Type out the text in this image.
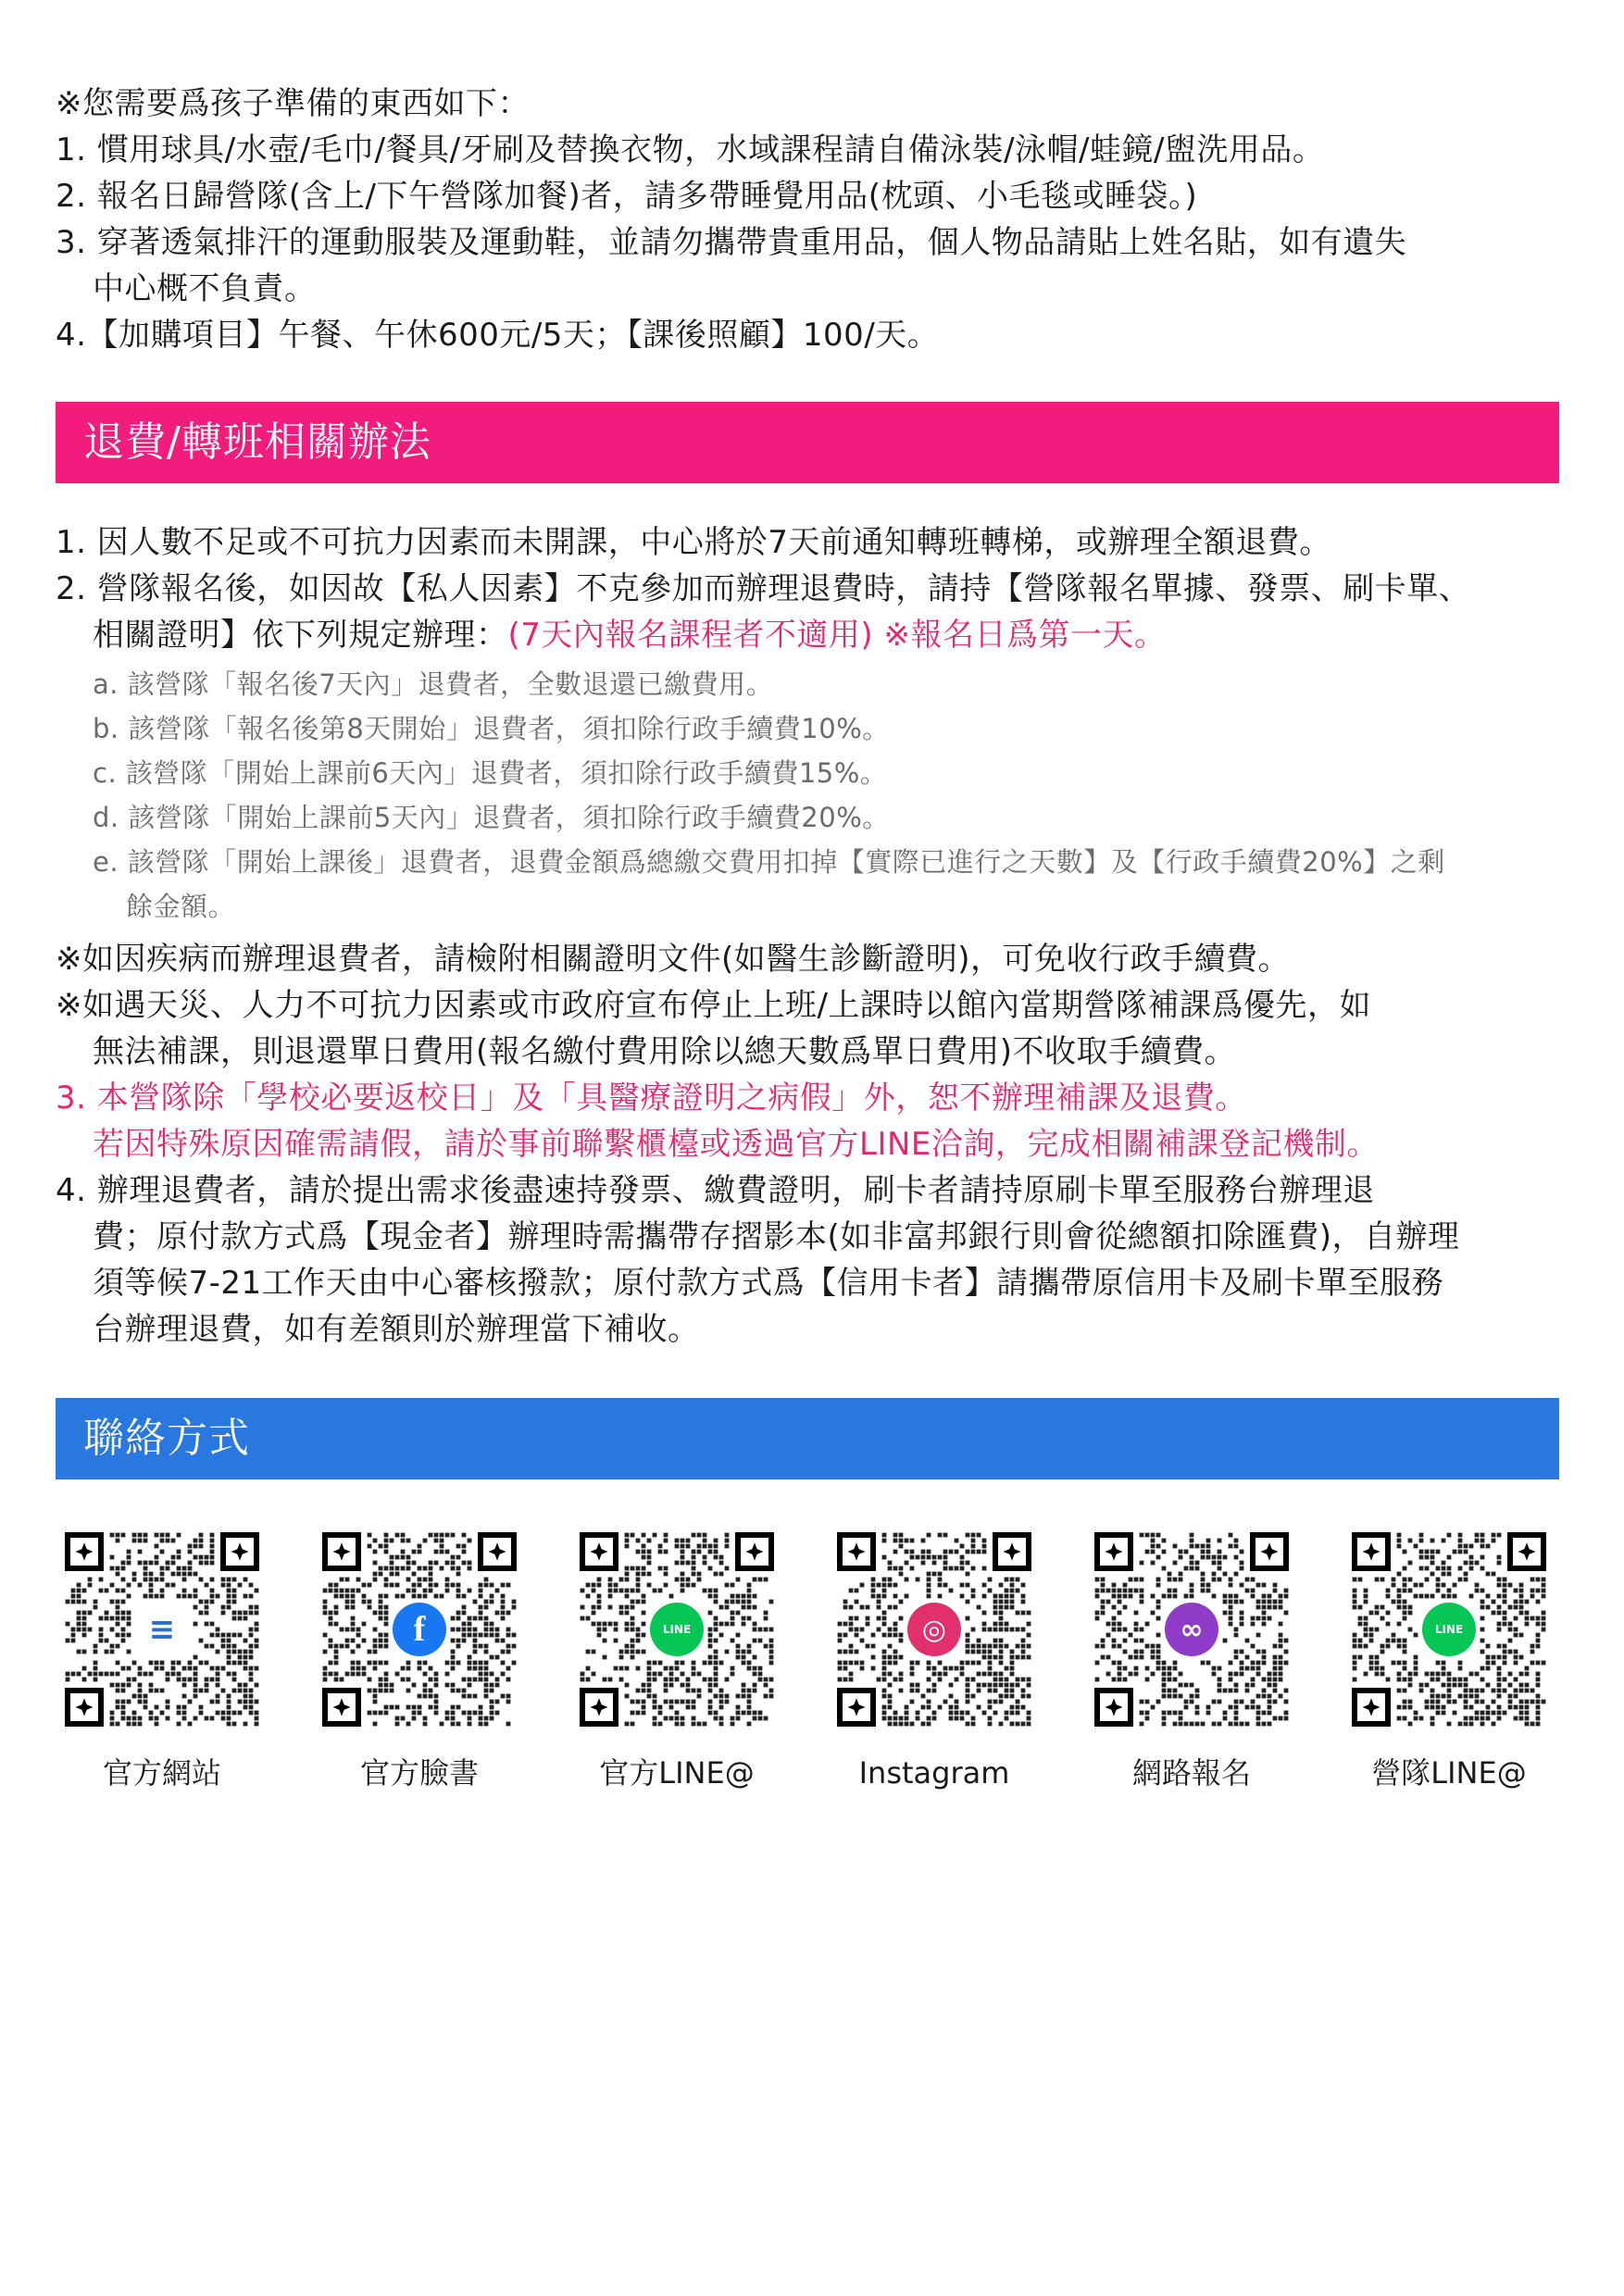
※您需要爲孩子準備的東西如下：
1. 慣用球具/水壺/毛巾/餐具/牙刷及替換衣物，水域課程請自備泳裝/泳帽/蛙鏡/盥洗用品。
2. 報名日歸營隊(含上/下午營隊加餐)者，請多帶睡覺用品(枕頭、小毛毯或睡袋。)
3. 穿著透氣排汗的運動服裝及運動鞋，並請勿攜帶貴重用品，個人物品請貼上姓名貼，如有遺失
中心概不負責。
4.【加購項目】午餐、午休600元/5天；【課後照顧】100/天。
退費/轉班相關辦法
1. 因人數不足或不可抗力因素而未開課，中心將於7天前通知轉班轉梯，或辦理全額退費。
2. 營隊報名後，如因故【私人因素】不克參加而辦理退費時，請持【營隊報名單據、發票、刷卡單、
相關證明】依下列規定辦理：(7天內報名課程者不適用) ※報名日爲第一天。
a. 該營隊「報名後7天內」退費者，全數退還已繳費用。
b. 該營隊「報名後第8天開始」退費者，須扣除行政手續費10%。
c. 該營隊「開始上課前6天內」退費者，須扣除行政手續費15%。
d. 該營隊「開始上課前5天內」退費者，須扣除行政手續費20%。
e. 該營隊「開始上課後」退費者，退費金額爲總繳交費用扣掉【實際已進行之天數】及【行政手續費20%】之剩
餘金額。
※如因疾病而辦理退費者，請檢附相關證明文件(如醫生診斷證明)，可免收行政手續費。
※如遇天災、人力不可抗力因素或市政府宣布停止上班/上課時以館內當期營隊補課爲優先，如
無法補課，則退還單日費用(報名繳付費用除以總天數爲單日費用)不收取手續費。
3. 本營隊除「學校必要返校日」及「具醫療證明之病假」外，恕不辦理補課及退費。
若因特殊原因確需請假，請於事前聯繫櫃檯或透過官方LINE洽詢，完成相關補課登記機制。
4. 辦理退費者，請於提出需求後盡速持發票、繳費證明，刷卡者請持原刷卡單至服務台辦理退
費；原付款方式爲【現金者】辦理時需攜帶存摺影本(如非富邦銀行則會從總額扣除匯費)，自辦理
須等候7-21工作天由中心審核撥款；原付款方式爲【信用卡者】請攜帶原信用卡及刷卡單至服務
台辦理退費，如有差額則於辦理當下補收。
聯絡方式
≡
官方網站
f
官方臉書
LINE
官方LINE@
◎
Instagram
∞
網路報名
LINE
營隊LINE@
